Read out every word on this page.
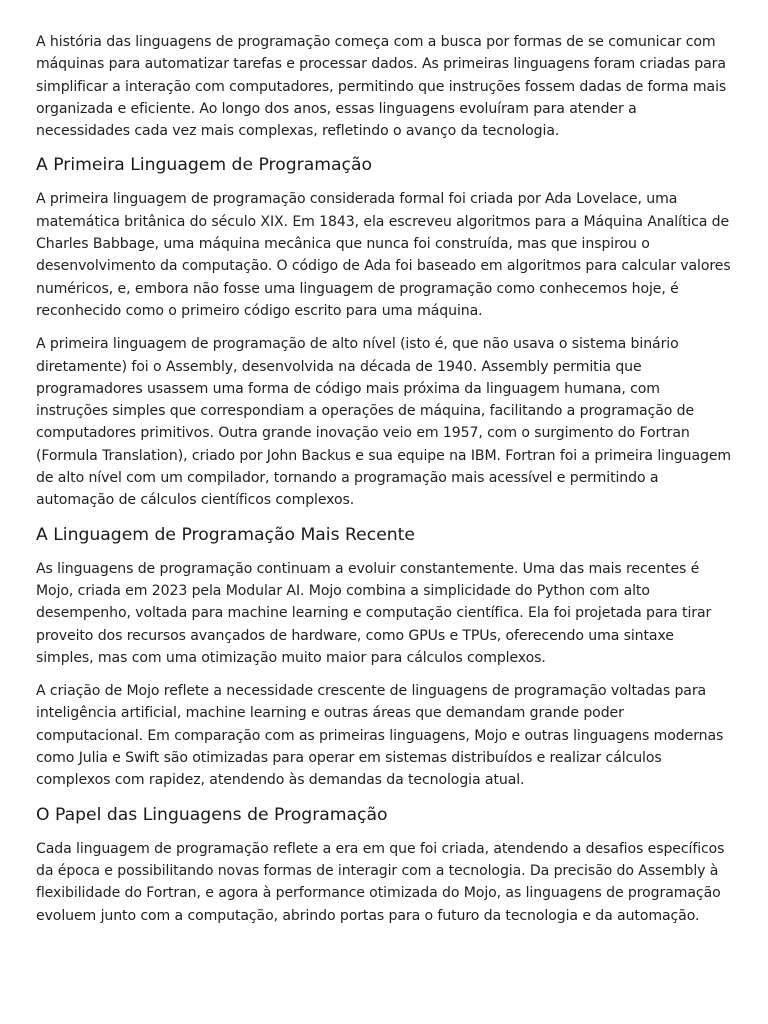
A história das linguagens de programação começa com a busca por formas de se comunicar com máquinas para automatizar tarefas e processar dados. As primeiras linguagens foram criadas para simplificar a interação com computadores, permitindo que instruções fossem dadas de forma mais organizada e eficiente. Ao longo dos anos, essas linguagens evoluíram para atender a necessidades cada vez mais complexas, refletindo o avanço da tecnologia.

A Primeira Linguagem de Programação

A primeira linguagem de programação considerada formal foi criada por Ada Lovelace, uma matemática britânica do século XIX. Em 1843, ela escreveu algoritmos para a Máquina Analítica de Charles Babbage, uma máquina mecânica que nunca foi construída, mas que inspirou o desenvolvimento da computação. O código de Ada foi baseado em algoritmos para calcular valores numéricos, e, embora não fosse uma linguagem de programação como conhecemos hoje, é reconhecido como o primeiro código escrito para uma máquina.

A primeira linguagem de programação de alto nível (isto é, que não usava o sistema binário diretamente) foi o Assembly, desenvolvida na década de 1940. Assembly permitia que programadores usassem uma forma de código mais próxima da linguagem humana, com instruções simples que correspondiam a operações de máquina, facilitando a programação de computadores primitivos. Outra grande inovação veio em 1957, com o surgimento do Fortran (Formula Translation), criado por John Backus e sua equipe na IBM. Fortran foi a primeira linguagem de alto nível com um compilador, tornando a programação mais acessível e permitindo a automação de cálculos científicos complexos.

A Linguagem de Programação Mais Recente

As linguagens de programação continuam a evoluir constantemente. Uma das mais recentes é Mojo, criada em 2023 pela Modular AI. Mojo combina a simplicidade do Python com alto desempenho, voltada para machine learning e computação científica. Ela foi projetada para tirar proveito dos recursos avançados de hardware, como GPUs e TPUs, oferecendo uma sintaxe simples, mas com uma otimização muito maior para cálculos complexos.

A criação de Mojo reflete a necessidade crescente de linguagens de programação voltadas para inteligência artificial, machine learning e outras áreas que demandam grande poder computacional. Em comparação com as primeiras linguagens, Mojo e outras linguagens modernas como Julia e Swift são otimizadas para operar em sistemas distribuídos e realizar cálculos complexos com rapidez, atendendo às demandas da tecnologia atual.

O Papel das Linguagens de Programação

Cada linguagem de programação reflete a era em que foi criada, atendendo a desafios específicos da época e possibilitando novas formas de interagir com a tecnologia. Da precisão do Assembly à flexibilidade do Fortran, e agora à performance otimizada do Mojo, as linguagens de programação evoluem junto com a computação, abrindo portas para o futuro da tecnologia e da automação.
